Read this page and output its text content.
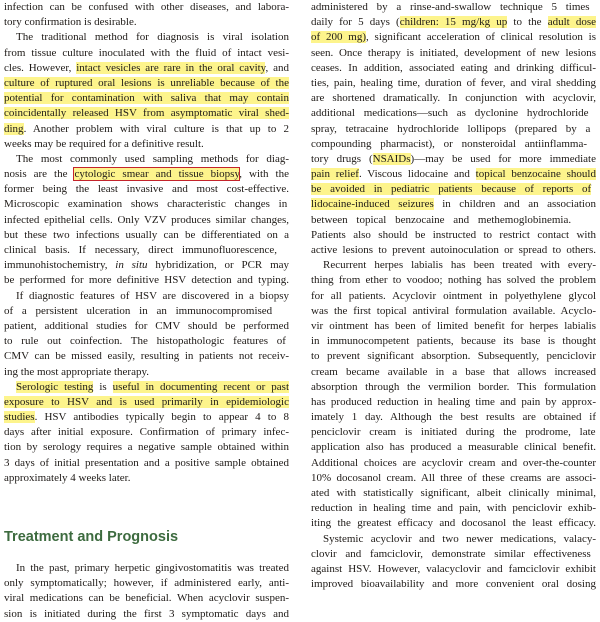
infection can be confused with other diseases, and labora-
tory confirmation is desirable.
The traditional method for diagnosis is viral isolation
from tissue culture inoculated with the fluid of intact vesi-
cles. However, intact vesicles are rare in the oral cavity, and
culture of ruptured oral lesions is unreliable because of the
potential for contamination with saliva that may contain
coincidentally released HSV from asymptomatic viral shed-
ding. Another problem with viral culture is that up to 2
weeks may be required for a definitive result.
The most commonly used sampling methods for diag-
nosis are the cytologic smear and tissue biopsy, with the
former being the least invasive and most cost-effective.
Microscopic examination shows characteristic changes in
infected epithelial cells. Only VZV produces similar changes,
but these two infections usually can be differentiated on a
clinical basis. If necessary, direct immunofluorescence,
immunohistochemistry, in situ hybridization, or PCR may
be performed for more definitive HSV detection and typing.
If diagnostic features of HSV are discovered in a biopsy
of a persistent ulceration in an immunocompromised
patient, additional studies for CMV should be performed
to rule out coinfection. The histopathologic features of
CMV can be missed easily, resulting in patients not receiv-
ing the most appropriate therapy.
Serologic testing is useful in documenting recent or past
exposure to HSV and is used primarily in epidemiologic
studies. HSV antibodies typically begin to appear 4 to 8
days after initial exposure. Confirmation of primary infec-
tion by serology requires a negative sample obtained within
3 days of initial presentation and a positive sample obtained
approximately 4 weeks later.
Treatment and Prognosis
In the past, primary herpetic gingivostomatitis was treated
only symptomatically; however, if administered early, anti-
viral medications can be beneficial. When acyclovir suspen-
sion is initiated during the first 3 symptomatic days and
administered by a rinse-and-swallow technique 5 times
daily for 5 days (children: 15 mg/kg up to the adult dose
of 200 mg), significant acceleration of clinical resolution is
seen. Once therapy is initiated, development of new lesions
ceases. In addition, associated eating and drinking difficul-
ties, pain, healing time, duration of fever, and viral shedding
are shortened dramatically. In conjunction with acyclovir,
additional medications—such as dyclonine hydrochloride
spray, tetracaine hydrochloride lollipops (prepared by a
compounding pharmacist), or nonsteroidal antiinflamma-
tory drugs (NSAIDs)—may be used for more immediate
pain relief. Viscous lidocaine and topical benzocaine should
be avoided in pediatric patients because of reports of
lidocaine-induced seizures in children and an association
between topical benzocaine and methemoglobinemia.
Patients also should be instructed to restrict contact with
active lesions to prevent autoinoculation or spread to others.
Recurrent herpes labialis has been treated with every-
thing from ether to voodoo; nothing has solved the problem
for all patients. Acyclovir ointment in polyethylene glycol
was the first topical antiviral formulation available. Acyclo-
vir ointment has been of limited benefit for herpes labialis
in immunocompetent patients, because its base is thought
to prevent significant absorption. Subsequently, penciclovir
cream became available in a base that allows increased
absorption through the vermilion border. This formulation
has produced reduction in healing time and pain by approx-
imately 1 day. Although the best results are obtained if
penciclovir cream is initiated during the prodrome, late
application also has produced a measurable clinical benefit.
Additional choices are acyclovir cream and over-the-counter
10% docosanol cream. All three of these creams are associ-
ated with statistically significant, albeit clinically minimal,
reduction in healing time and pain, with penciclovir exhib-
iting the greatest efficacy and docosanol the least efficacy.
Systemic acyclovir and two newer medications, valacy-
clovir and famciclovir, demonstrate similar effectiveness
against HSV. However, valacyclovir and famciclovir exhibit
improved bioavailability and more convenient oral dosing
